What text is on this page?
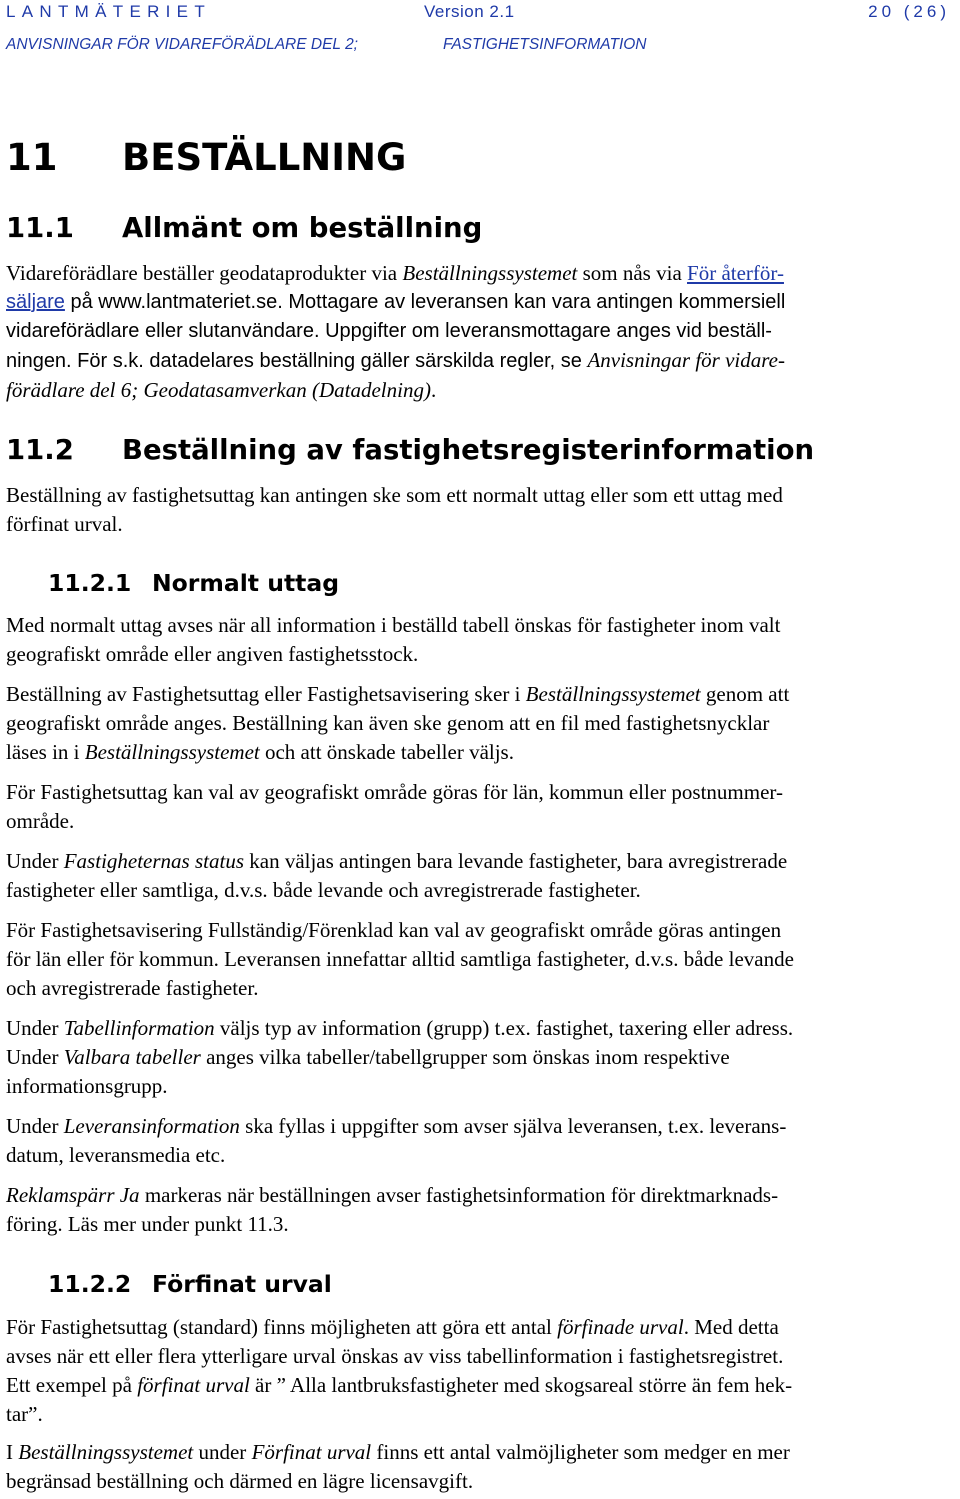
LANTMÄTERIET	Version 2.1	20 (26)
ANVISNINGAR FÖR VIDAREFÖRÄDLARE DEL 2;	FASTIGHETSINFORMATION
11 BESTÄLLNING
11.1 Allmänt om beställning
Vidareförädlare beställer geodataprodukter via Beställningssystemet som nås via För återför-
säljare på www.lantmateriet.se. Mottagare av leveransen kan vara antingen kommersiell
vidareförädlare eller slutanvändare. Uppgifter om leveransmottagare anges vid beställ-
ningen. För s.k. datadelares beställning gäller särskilda regler, se Anvisningar för vidare-
förädlare del 6; Geodatasamverkan (Datadelning).
11.2 Beställning av fastighetsregisterinformation
Beställning av fastighetsuttag kan antingen ske som ett normalt uttag eller som ett uttag med
förfinat urval.
11.2.1 Normalt uttag
Med normalt uttag avses när all information i beställd tabell önskas för fastigheter inom valt
geografiskt område eller angiven fastighetsstock.
Beställning av Fastighetsuttag eller Fastighetsavisering sker i Beställningssystemet genom att
geografiskt område anges. Beställning kan även ske genom att en fil med fastighetsnycklar
läses in i Beställningssystemet och att önskade tabeller väljs.
För Fastighetsuttag kan val av geografiskt område göras för län, kommun eller postnummer-
område.
Under Fastigheternas status kan väljas antingen bara levande fastigheter, bara avregistrerade
fastigheter eller samtliga, d.v.s. både levande och avregistrerade fastigheter.
För Fastighetsavisering Fullständig/Förenklad kan val av geografiskt område göras antingen
för län eller för kommun. Leveransen innefattar alltid samtliga fastigheter, d.v.s. både levande
och avregistrerade fastigheter.
Under Tabellinformation väljs typ av information (grupp) t.ex. fastighet, taxering eller adress.
Under Valbara tabeller anges vilka tabeller/tabellgrupper som önskas inom respektive
informationsgrupp.
Under Leveransinformation ska fyllas i uppgifter som avser själva leveransen, t.ex. leverans-
datum, leveransmedia etc.
Reklamspärr Ja markeras när beställningen avser fastighetsinformation för direktmarknads-
föring. Läs mer under punkt 11.3.
11.2.2 Förfinat urval
För Fastighetsuttag (standard) finns möjligheten att göra ett antal förfinade urval. Med detta
avses när ett eller flera ytterligare urval önskas av viss tabellinformation i fastighetsregistret.
Ett exempel på förfinat urval är ” Alla lantbruksfastigheter med skogsareal större än fem hek-
tar”.
I Beställningssystemet under Förfinat urval finns ett antal valmöjligheter som medger en mer
begränsad beställning och därmed en lägre licensavgift.
